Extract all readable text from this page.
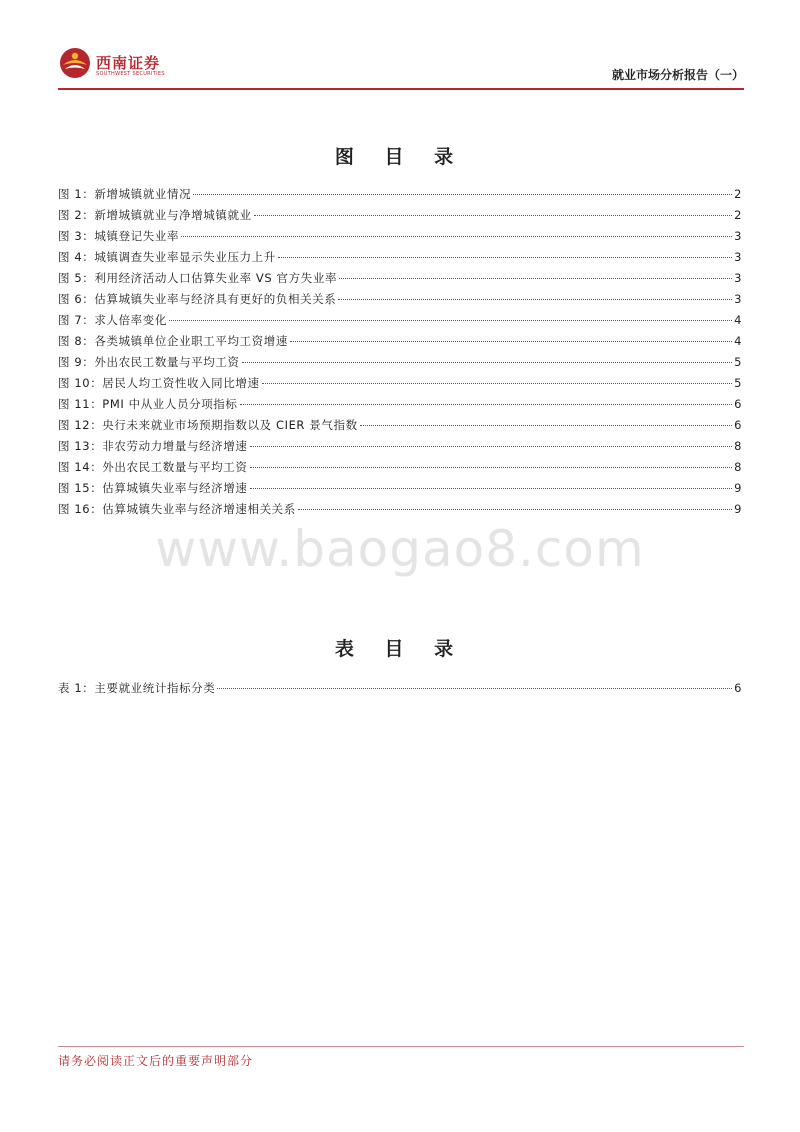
西南证券
SOUTHWEST SECURITIES	就业市场分析报告（一）
图 目 录
图 1：新增城镇就业情况	2
图 2：新增城镇就业与净增城镇就业	2
图 3：城镇登记失业率	3
图 4：城镇调查失业率显示失业压力上升	3
图 5：利用经济活动人口估算失业率 VS 官方失业率	3
图 6：估算城镇失业率与经济具有更好的负相关关系	3
图 7：求人倍率变化	4
图 8：各类城镇单位企业职工平均工资增速	4
图 9：外出农民工数量与平均工资	5
图 10：居民人均工资性收入同比增速	5
图 11：PMI 中从业人员分项指标	6
图 12：央行未来就业市场预期指数以及 CIER 景气指数	6
图 13：非农劳动力增量与经济增速	8
图 14：外出农民工数量与平均工资	8
图 15：估算城镇失业率与经济增速	9
图 16：估算城镇失业率与经济增速相关关系	9
www.baogao8.com
表 目 录
表 1：主要就业统计指标分类	6
请务必阅读正文后的重要声明部分
